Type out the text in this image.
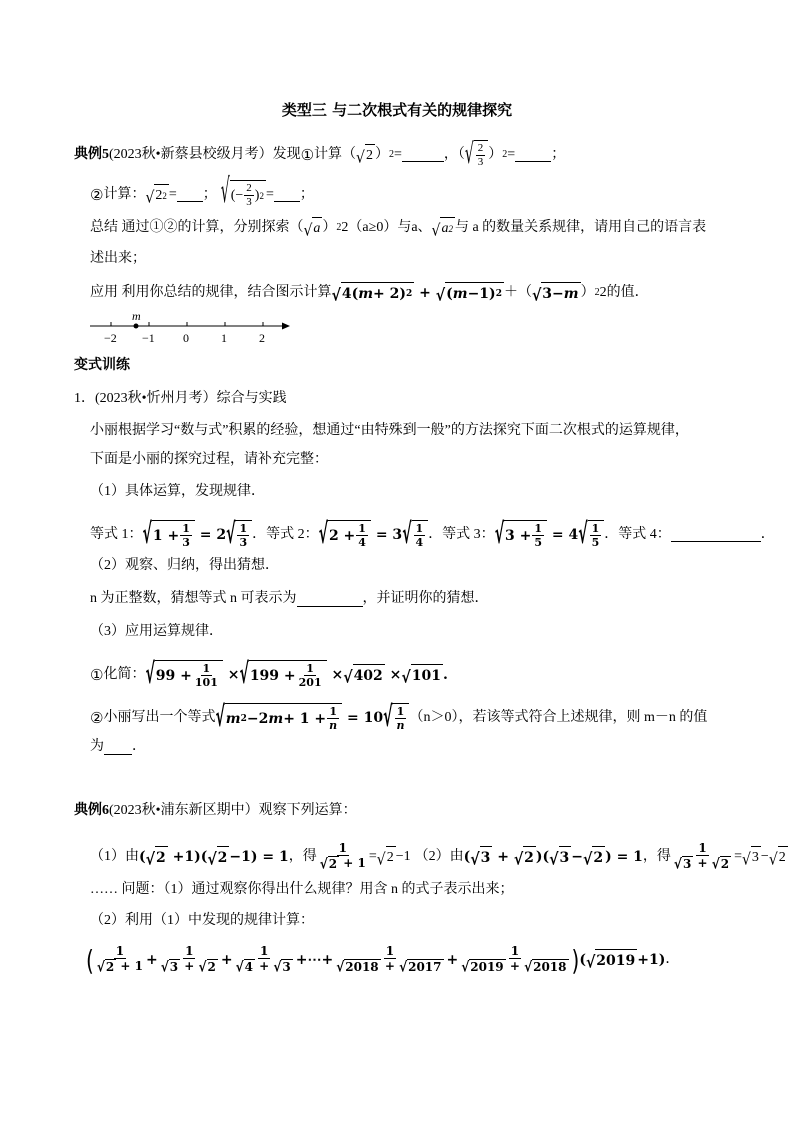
类型三 与二次根式有关的规律探究
典例5 (2023秋•新蔡县校级月考） 发现 ① 计算（ √ 2 ） 2 =	，（ √ $\frac{2}{3}$ ） 2 =	；
② 计算： √ 2 2 = ； √ (− $\frac{2}{3}$ ) 2 = ；
总结 通过①②的计算，分别探索（ √ a ） 2 2（a≥0）与a、 √ a 2 与 a 的数量关系规律，请用自己的语言表
述出来；
应用 利用你总结的规律，结合图示计算 √ 4( m + 2) 2 + √ ( m −1) 2 ＋（ √ 3− m ） 2 2的值．
m
−2 −1 0	1	2
变式训练
1．(2023秋•忻州月考）综合与实践
小丽根据学习“数与式”积累的经验，想通过“由特殊到一般”的方法探究下面二次根式的运算规律，
下面是小丽的探究过程，请补充完整：
（1）具体运算，发现规律．
等式 1： √ $1 + \frac{1}{3} = 2$ √ $\frac{1}{3}$ ．等式 2： √ $2 + \frac{1}{4} = 3$ √ $\frac{1}{4}$ ．等式 3： √ $3 + \frac{1}{5} = 4$ √ $\frac{1}{5}$ ．等式 4：	．
（2）观察、归纳，得出猜想．
n 为正整数，猜想等式 n 可表示为	，并证明你的猜想．
（3）应用运算规律．
① 化简： √ $99 + \frac{1}{101}$ × √ $199 + \frac{1}{201}$ × √ 402 × √ 101 .
② 小丽写出一个等式 √ m 2 −2 $m + 1 + \frac{1}{n} = 10$ √ $\frac{1}{n} (n>0)$，若该等式符合上述规律，则 m－n 的值
为 ．
典例6 (2023秋•浦东新区期中）观察下列运算：
（1）由 ( √ 2 +1)( √ 2 −1) = 1 ，得 $\frac{1}{√ 2 + 1}$ = √ 2 −1 （2）由 ( √ 3 + √ 2 )( √ 3 − √ 2 ) = 1 ，得 $\frac{1}{√ 3 + √ 2}$ = √ 3 − √ 2
…… 问题：（1）通过观察你得出什么规律？用含 n 的式子表示出来；
（2）利用（1）中发现的规律计算：
( $\frac{1}{√ 2 + 1} + \frac{1}{√ 3 + √ 2} + \frac{1}{√ 4 + √ 3}$ +⋯+ $\frac{1}{√ 2018 + √ 2017} + \frac{1}{√ 2019 + √ 2018}$ ) ( √ 2019 +1) ．
